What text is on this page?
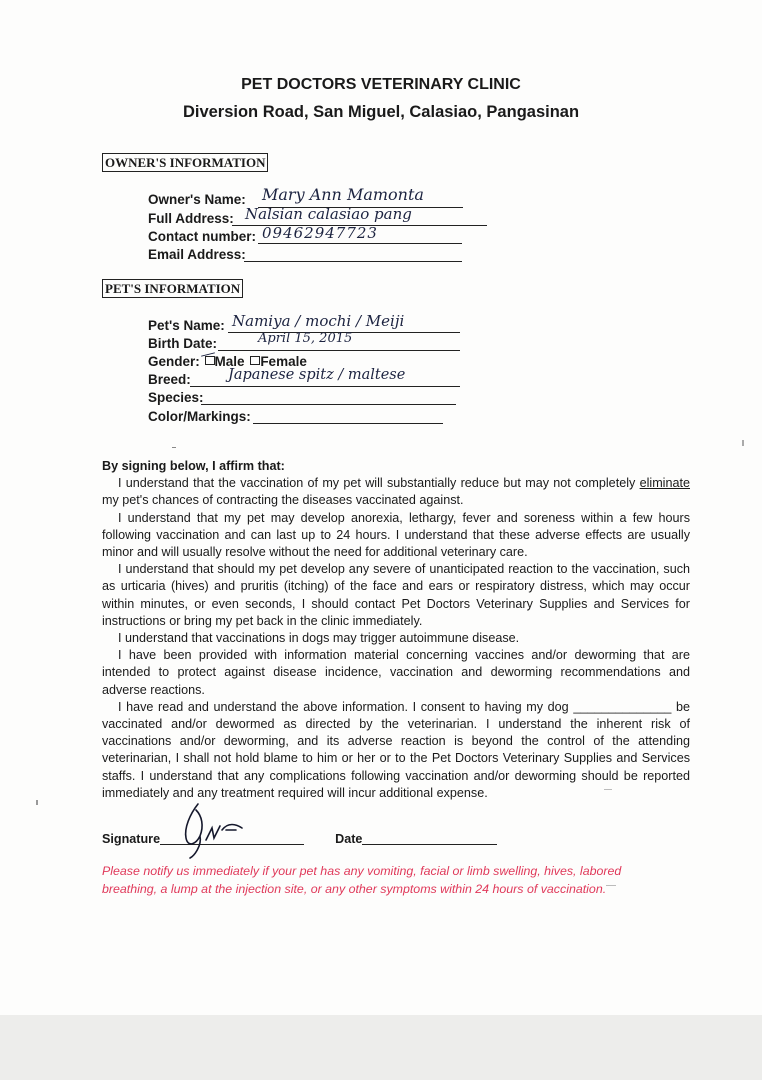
PET DOCTORS VETERINARY CLINIC
Diversion Road, San Miguel, Calasiao, Pangasinan
OWNER'S INFORMATION
Owner's Name: Mary Ann Mamonta
Full Address: Nalsian calasiao pang
Contact number: 09462947723
Email Address:
PET'S INFORMATION
Pet's Name: Namiya / mochi / Meiji
Birth Date:	April 15, 2015
Gender: Male Female
Breed:	Japanese spitz / maltese
Species:
Color/Markings:

By signing below, I affirm that:

I understand that the vaccination of my pet will substantially reduce but may not completely eliminate my pet's chances of contracting the diseases vaccinated against.

I understand that my pet may develop anorexia, lethargy, fever and soreness within a few hours following vaccination and can last up to 24 hours. I understand that these adverse effects are usually minor and will usually resolve without the need for additional veterinary care.

I understand that should my pet develop any severe of unanticipated reaction to the vaccination, such as urticaria (hives) and pruritis (itching) of the face and ears or respiratory distress, which may occur within minutes, or even seconds, I should contact Pet Doctors Veterinary Supplies and Services for instructions or bring my pet back in the clinic immediately.

I understand that vaccinations in dogs may trigger autoimmune disease.

I have been provided with information material concerning vaccines and/or deworming that are intended to protect against disease incidence, vaccination and deworming recommendations and adverse reactions.

I have read and understand the above information. I consent to having my dog ______________ be vaccinated and/or dewormed as directed by the veterinarian. I understand the inherent risk of vaccinations and/or deworming, and its adverse reaction is beyond the control of the attending veterinarian, I shall not hold blame to him or her or to the Pet Doctors Veterinary Supplies and Services staffs. I understand that any complications following vaccination and/or deworming should be reported immediately and any treatment required will incur additional expense.

Signature	Date
Please notify us immediately if your pet has any vomiting, facial or limb swelling, hives, labored breathing, a lump at the injection site, or any other symptoms within 24 hours of vaccination.
